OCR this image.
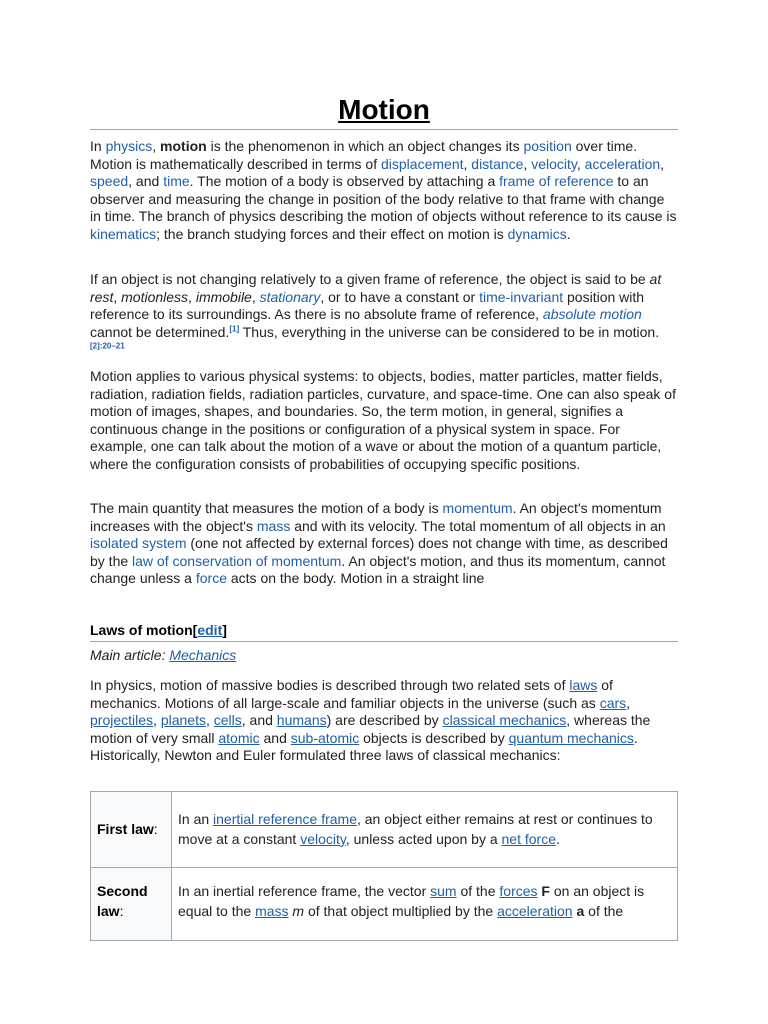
Motion

In physics, motion is the phenomenon in which an object changes its position over time. Motion is mathematically described in terms of displacement, distance, velocity, acceleration, speed, and time. The motion of a body is observed by attaching a frame of reference to an observer and measuring the change in position of the body relative to that frame with change in time. The branch of physics describing the motion of objects without reference to its cause is kinematics; the branch studying forces and their effect on motion is dynamics.

If an object is not changing relatively to a given frame of reference, the object is said to be at rest, motionless, immobile, stationary, or to have a constant or time-invariant position with reference to its surroundings. As there is no absolute frame of reference, absolute motion cannot be determined.[1] Thus, everything in the universe can be considered to be in motion.$^{[2]:20-21}$

Motion applies to various physical systems: to objects, bodies, matter particles, matter fields, radiation, radiation fields, radiation particles, curvature, and space-time. One can also speak of motion of images, shapes, and boundaries. So, the term motion, in general, signifies a continuous change in the positions or configuration of a physical system in space. For example, one can talk about the motion of a wave or about the motion of a quantum particle, where the configuration consists of probabilities of occupying specific positions.

The main quantity that measures the motion of a body is momentum. An object's momentum increases with the object's mass and with its velocity. The total momentum of all objects in an isolated system (one not affected by external forces) does not change with time, as described by the law of conservation of momentum. An object's motion, and thus its momentum, cannot change unless a force acts on the body. Motion in a straight line

Laws of motion[edit]

Main article: Mechanics

In physics, motion of massive bodies is described through two related sets of laws of mechanics. Motions of all large-scale and familiar objects in the universe (such as cars, projectiles, planets, cells, and humans) are described by classical mechanics, whereas the motion of very small atomic and sub-atomic objects is described by quantum mechanics. Historically, Newton and Euler formulated three laws of classical mechanics:

First law:	In an inertial reference frame, an object either remains at rest or continues to move at a constant velocity, unless acted upon by a net force.
Second law:	In an inertial reference frame, the vector sum of the forces F on an object is equal to the mass m of that object multiplied by the acceleration a of the
